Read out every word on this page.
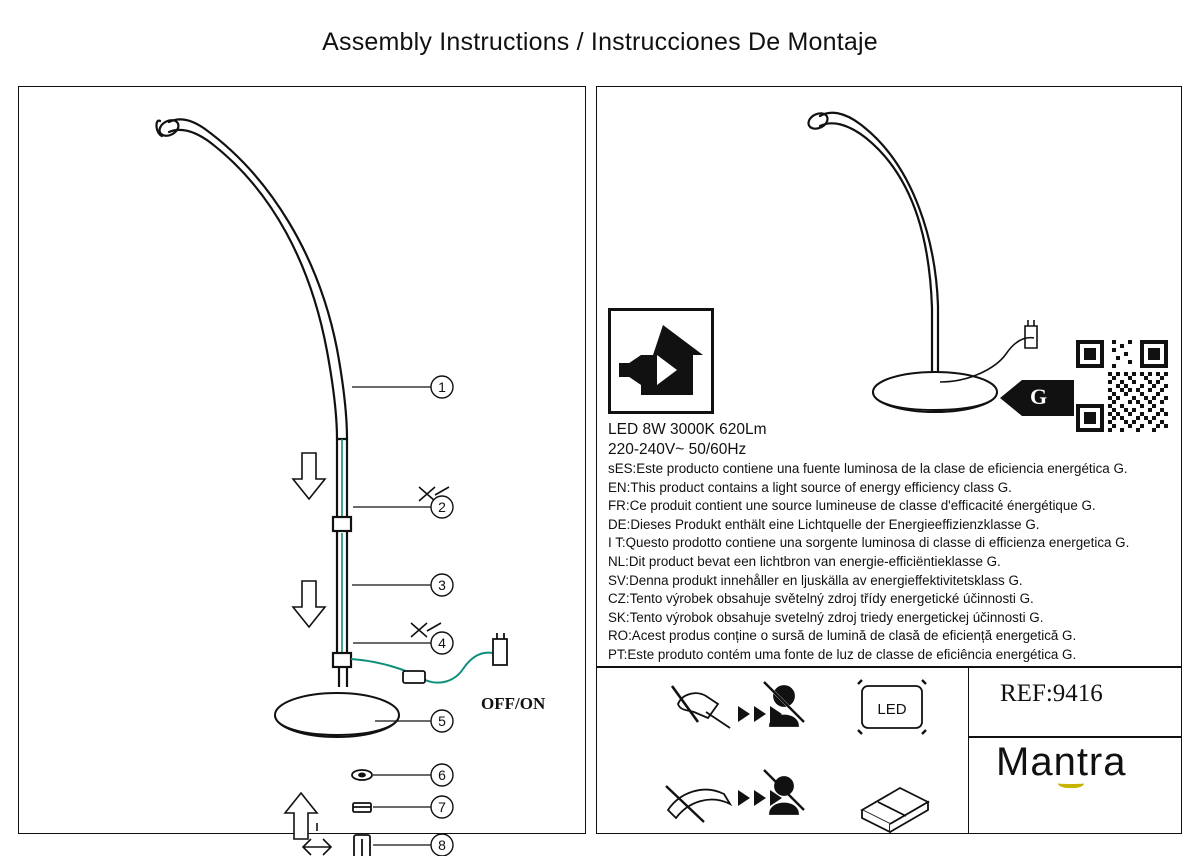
Assembly Instructions / Instrucciones De Montaje
1
2
3
4
5
6
7
8
OFF/ON
LED 8W 3000K 620Lm
220-240V~ 50/60Hz
sES:Este producto contiene una fuente luminosa de la clase de eficiencia energética G.
EN:This product contains a light source of energy efficiency class G.
FR:Ce produit contient une source lumineuse de classe d'efficacité énergétique G.
DE:Dieses Produkt enthält eine Lichtquelle der Energieeffizienzklasse G.
I T:Questo prodotto contiene una sorgente luminosa di classe di efficienza energetica G.
NL:Dit product bevat een lichtbron van energie-efficiëntieklasse G.
SV:Denna produkt innehåller en ljuskälla av energieffektivitetsklass G.
CZ:Tento výrobek obsahuje světelný zdroj třídy energetické účinnosti G.
SK:Tento výrobok obsahuje svetelný zdroj triedy energetickej účinnosti G.
RO:Acest produs conține o sursă de lumină de clasă de eficiență energetică G.
PT:Este produto contém uma fonte de luz de classe de eficiência energética G.
G
LED
REF:9416
Mantra
